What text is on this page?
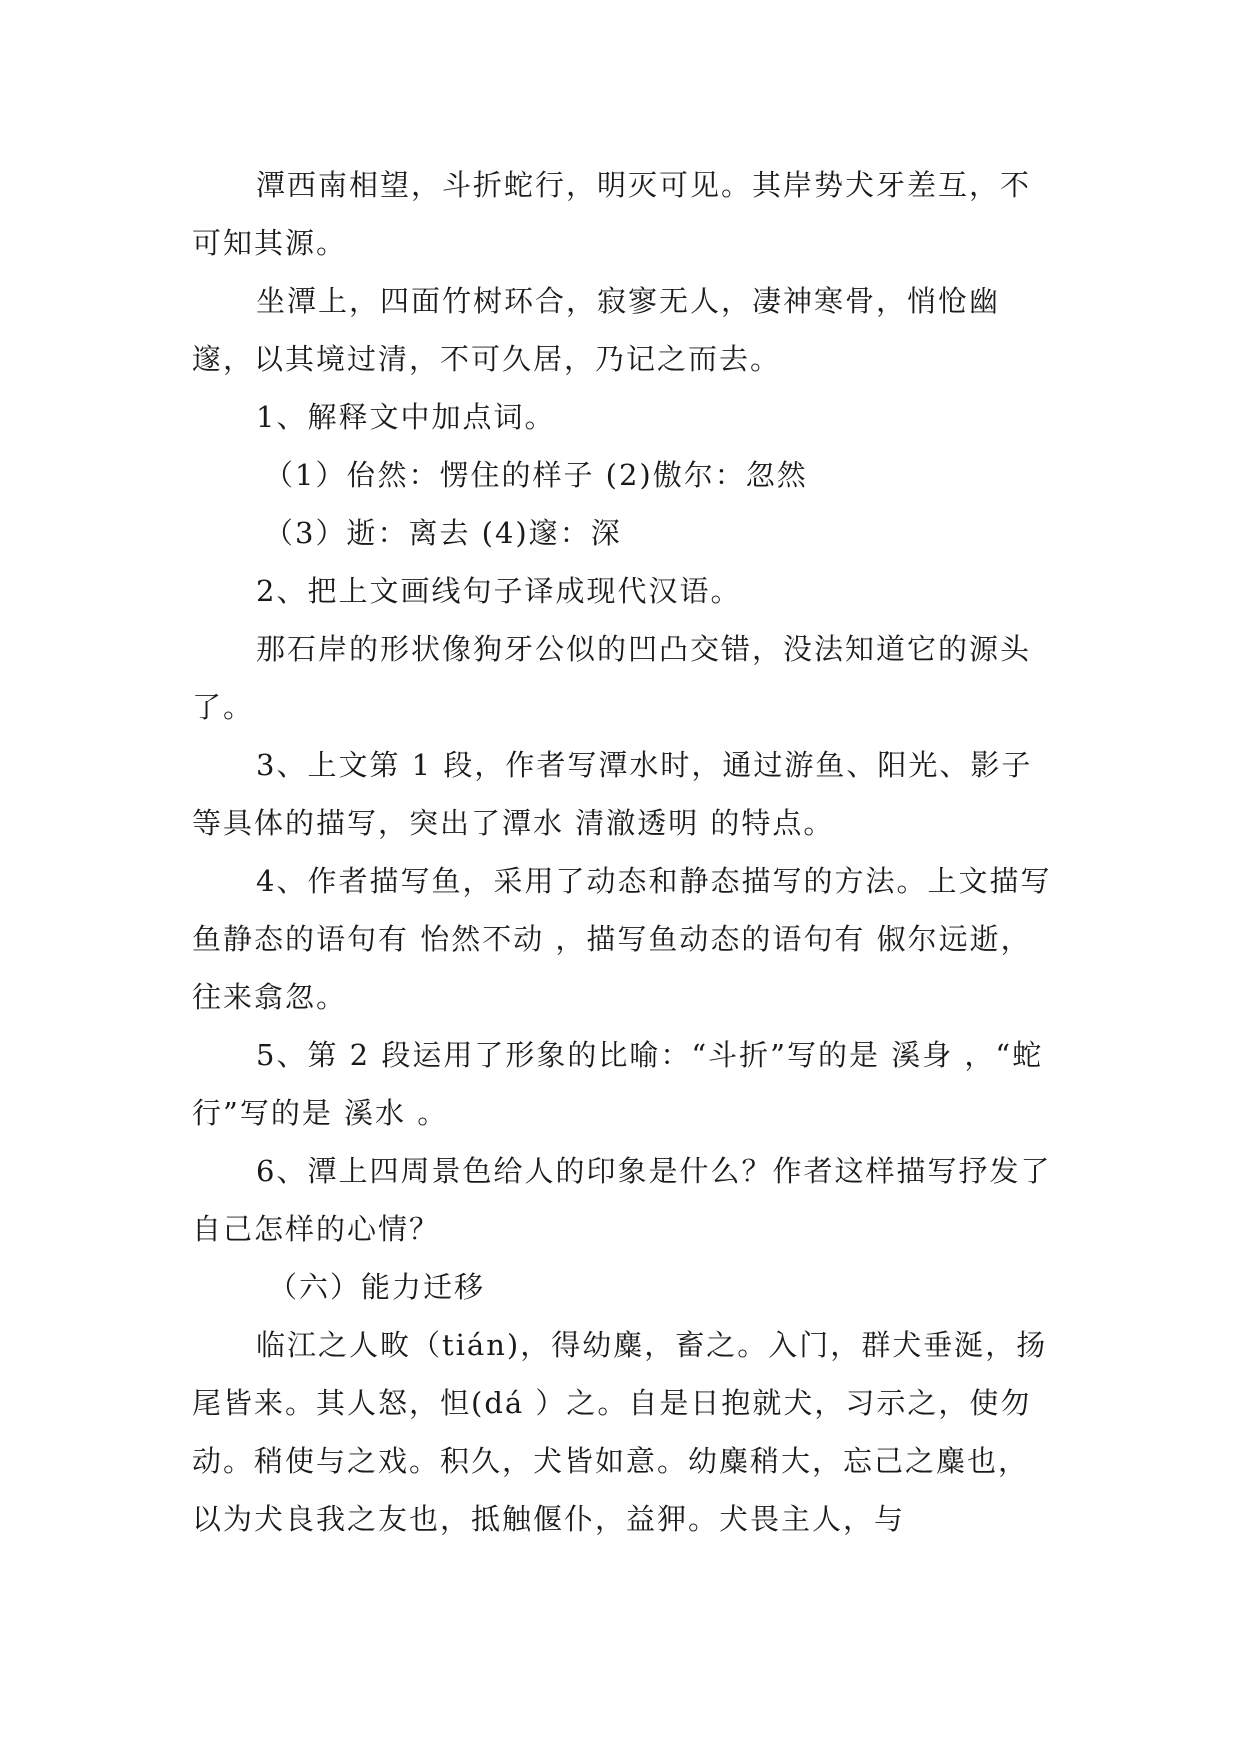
潭西南相望，斗折蛇行，明灭可见。其岸势犬牙差互，不可知其源。

坐潭上，四面竹树环合，寂寥无人，凄神寒骨，悄怆幽邃，以其境过清，不可久居，乃记之而去。

1、解释文中加点词。

（1）佁然：愣住的样子 (2)傲尔：忽然

（3）逝：离去 (4)邃：深

2、把上文画线句子译成现代汉语。

那石岸的形状像狗牙公似的凹凸交错，没法知道它的源头了。

3、上文第 1 段，作者写潭水时，通过游鱼、阳光、影子等具体的描写，突出了潭水 清澈透明 的特点。

4、作者描写鱼，采用了动态和静态描写的方法。上文描写鱼静态的语句有 怡然不动 ，描写鱼动态的语句有 俶尔远逝，往来翕忽。

5、第 2 段运用了形象的比喻：“斗折”写的是 溪身 ，“蛇行”写的是 溪水 。

6、潭上四周景色给人的印象是什么？作者这样描写抒发了自己怎样的心情？

（六）能力迁移

临江之人畋（tián)，得幼麋，畜之。入门，群犬垂涎，扬尾皆来。其人怒，怛(dá ）之。自是日抱就犬，习示之，使勿动。稍使与之戏。积久，犬皆如意。幼麋稍大，忘己之麋也，以为犬良我之友也，抵触偃仆，益狎。犬畏主人，与
